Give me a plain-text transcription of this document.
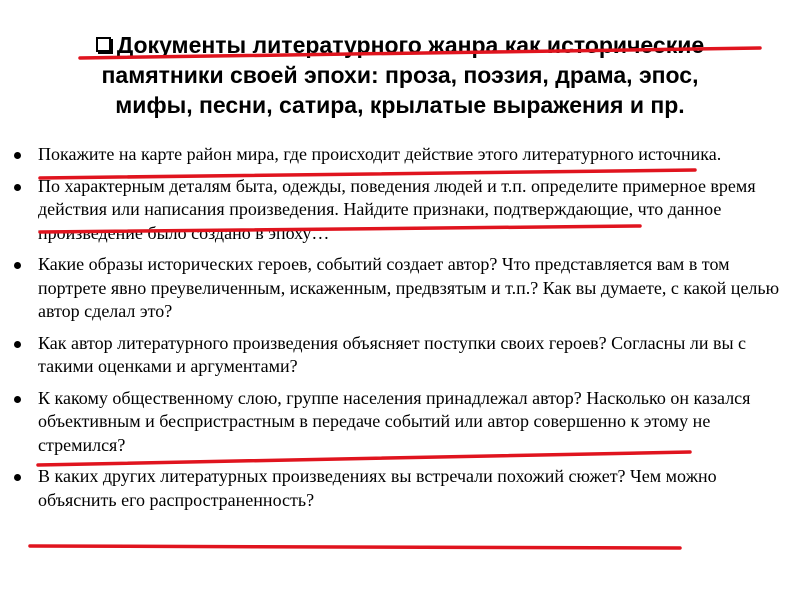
Документы литературного жанра как исторические
памятники своей эпохи: проза, поэзия, драма, эпос,
мифы, песни, сатира, крылатые выражения и пр.
Покажите на карте район мира, где происходит действие этого литературного источника.
По характерным деталям быта, одежды, поведения людей и т.п. определите примерное время действия или написания произведения. Найдите признаки, подтверждающие, что данное произведение было создано в эпоху…
Какие образы исторических героев, событий создает автор? Что представляется вам в том портрете явно преувеличенным, искаженным, предвзятым и т.п.? Как вы думаете, с какой целью автор сделал это?
Как автор литературного произведения объясняет поступки своих героев? Согласны ли вы с такими оценками и аргументами?
К какому общественному слою, группе населения принадлежал автор? Насколько он казался объективным и беспристрастным в передаче событий или автор совершенно к этому не стремился?
В каких других литературных произведениях вы встречали похожий сюжет? Чем можно объяснить его распространенность?
